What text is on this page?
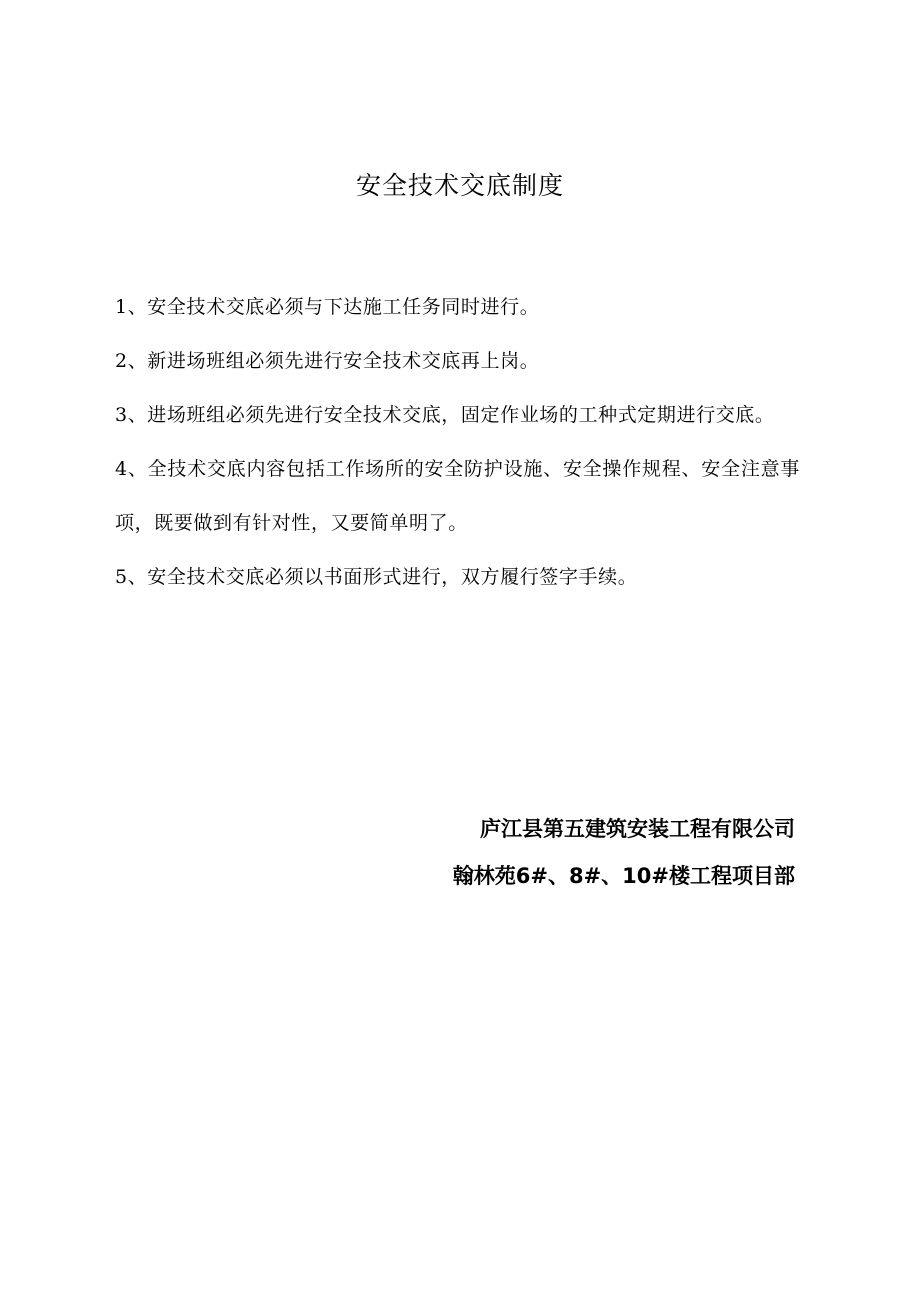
安全技术交底制度

1、安全技术交底必须与下达施工任务同时进行。

2、新进场班组必须先进行安全技术交底再上岗。

3、进场班组必须先进行安全技术交底，固定作业场的工种式定期进行交底。

4、全技术交底内容包括工作场所的安全防护设施、安全操作规程、安全注意事项，既要做到有针对性，又要简单明了。

5、安全技术交底必须以书面形式进行，双方履行签字手续。

庐江县第五建筑安装工程有限公司
翰林苑6#、8#、10#楼工程项目部
